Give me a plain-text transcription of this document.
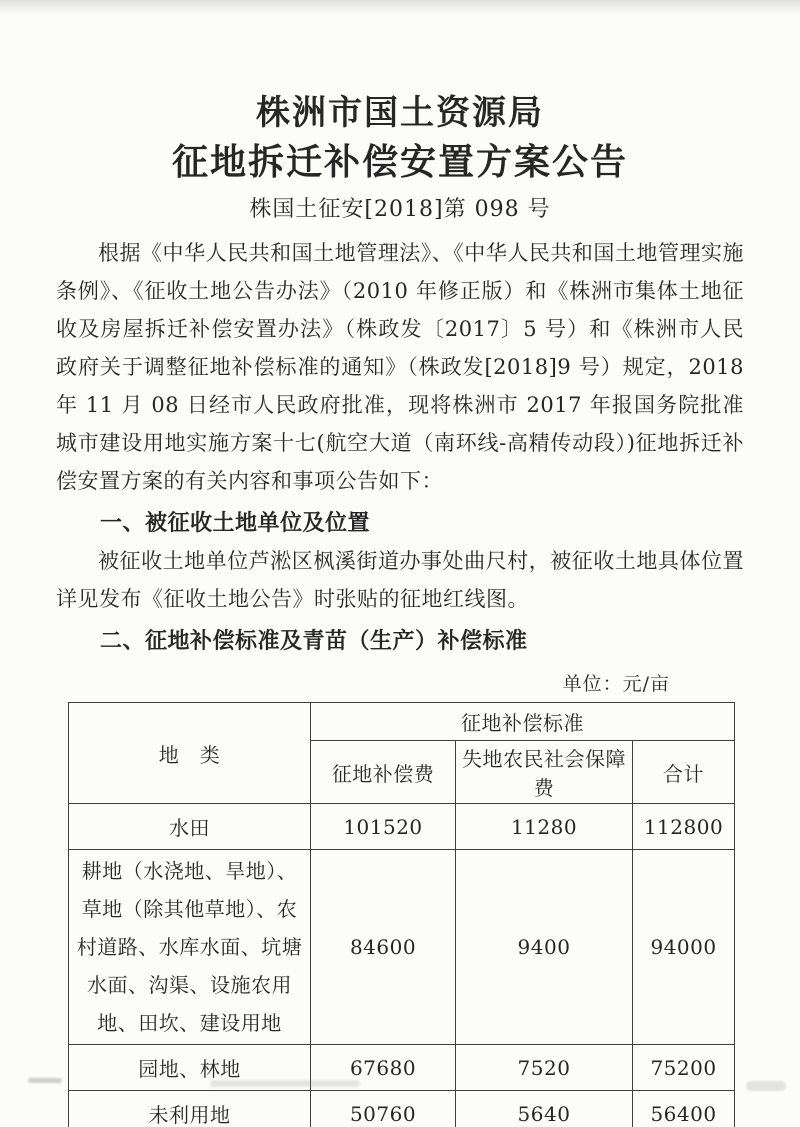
株洲市国土资源局
征地拆迁补偿安置方案公告
株国土征安[2018]第 098 号

根据《中华人民共和国土地管理法》、《中华人民共和国土地管理实施条例》、《征收土地公告办法》（2010 年修正版）和《株洲市集体土地征收及房屋拆迁补偿安置办法》（株政发〔2017〕5 号）和《株洲市人民政府关于调整征地补偿标准的通知》（株政发[2018]9 号）规定，2018 年 11 月 08 日经市人民政府批准，现将株洲市 2017 年报国务院批准城市建设用地实施方案十七(航空大道（南环线-高精传动段）)征地拆迁补偿安置方案的有关内容和事项公告如下：

一、被征收土地单位及位置

被征收土地单位芦淞区枫溪街道办事处曲尺村，被征收土地具体位置详见发布《征收土地公告》时张贴的征地红线图。

二、征地补偿标准及青苗（生产）补偿标准
单位：元/亩
地　类	征地补偿标准		
	征地补偿费	失地农民社会保障费	合计
水田	101520	11280	112800
耕地（水浇地、旱地）、草地（除其他草地）、农村道路、水库水面、坑塘水面、沟渠、设施农用地、田坎、建设用地	84600	9400	94000
园地、林地	67680	7520	75200
未利用地	50760	5640	56400
